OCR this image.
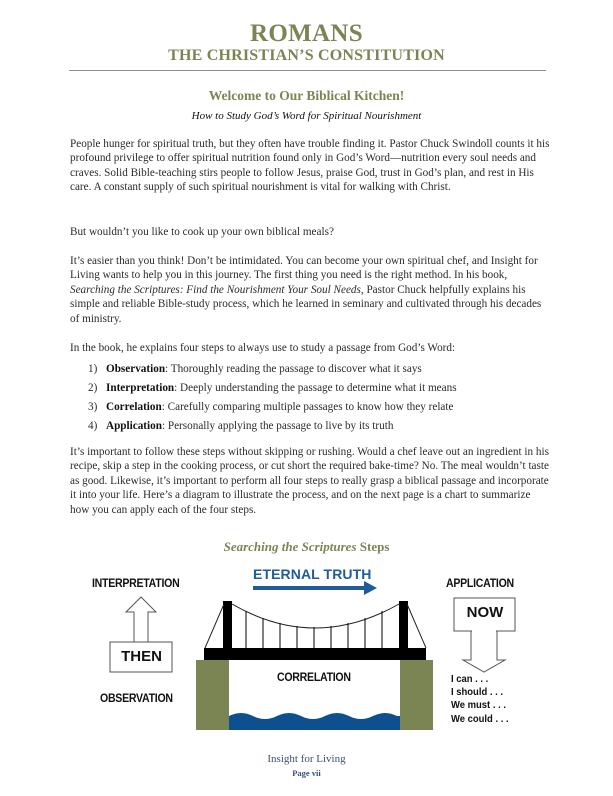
ROMANS
THE CHRISTIAN’S CONSTITUTION
Welcome to Our Biblical Kitchen!
How to Study God’s Word for Spiritual Nourishment
People hunger for spiritual truth, but they often have trouble finding it. Pastor Chuck Swindoll counts it his profound privilege to offer spiritual nutrition found only in God’s Word—nutrition every soul needs and craves. Solid Bible-teaching stirs people to follow Jesus, praise God, trust in God’s plan, and rest in His care. A constant supply of such spiritual nourishment is vital for walking with Christ.
But wouldn’t you like to cook up your own biblical meals?
It’s easier than you think! Don’t be intimidated. You can become your own spiritual chef, and Insight for Living wants to help you in this journey. The first thing you need is the right method. In his book, Searching the Scriptures: Find the Nourishment Your Soul Needs, Pastor Chuck helpfully explains his simple and reliable Bible-study process, which he learned in seminary and cultivated through his decades of ministry.
In the book, he explains four steps to always use to study a passage from God’s Word:
1) Observation: Thoroughly reading the passage to discover what it says
2) Interpretation: Deeply understanding the passage to determine what it means
3) Correlation: Carefully comparing multiple passages to know how they relate
4) Application: Personally applying the passage to live by its truth
It’s important to follow these steps without skipping or rushing. Would a chef leave out an ingredient in his recipe, skip a step in the cooking process, or cut short the required bake-time? No. The meal wouldn’t taste as good. Likewise, it’s important to perform all four steps to really grasp a biblical passage and incorporate it into your life. Here’s a diagram to illustrate the process, and on the next page is a chart to summarize how you can apply each of the four steps.
Searching the Scriptures Steps
ETERNAL TRUTH
INTERPRETATION	APPLICATION
OBSERVATION
CORRELATION
THEN
NOW
I can . . .
I should . . .
We must . . .
We could . . .
Insight for Living
Page vii
